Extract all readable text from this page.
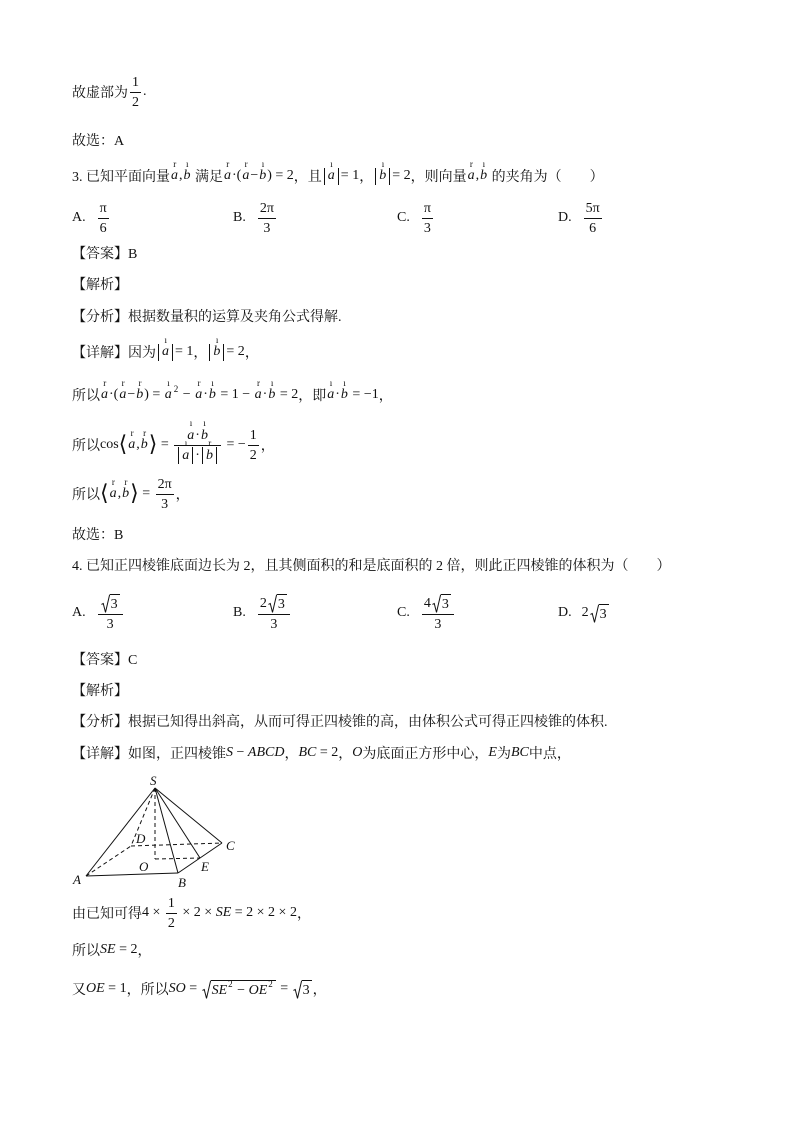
故虚部为 $\frac{1}{2}$ .
故选：A
3. 已知平面向量
r
a ,
ı
b 满足
r
a ·(
r
a −
ı
b ) = 2 ，且
ı
a = 1 ，
ı
b = 2 ，则向量
r
a ,
ı
b 的夹角为（　　）
A. $\frac{\pi}{6}$	B. $\frac{2\pi}{3}$	C. $\frac{\pi}{3}$	D. $\frac{5\pi}{6}$
【答案】B
【解析】
【分析】根据数量积的运算及夹角公式得解.
【详解】因为
ı
a = 1 ，
ı
b = 2 ，
所以
r
a ·(
r
a −
r
b ) =
ı
a 2 −
r
a ·
ı
b = 1 −
r
a ·
ı
b = 2 ，即
ı
a ·
ı
b = −1 ，
所以 cos ⟨ r
a ,
r
b ⟩ = ı
a ·
ı
b
ı
a ·
r
b = − $\frac{1}{2}$ ，
所以 ⟨ r
a ,
r
b ⟩ = $\frac{2\pi}{3}$ ，
故选：B
4. 已知正四棱锥底面边长为 2，且其侧面积的和是底面积的 2 倍，则此正四棱锥的体积为（　　）
A. $\frac{3}{3}$	B. $\frac{2 3}{3}$	C. $\frac{4 3}{3}$	D. 2 3
【答案】C
【解析】
【分析】根据已知得出斜高，从而可得正四棱锥的高，由体积公式可得正四棱锥的体积.
【详解】如图，正四棱锥 S − ABCD ， BC = 2 ， O 为底面正方形中心， E 为 BC 中点，
S
D	C
O	E
A	B
由已知可得 $4 \times \frac{1}{2} \times 2$ × SE = 2 × 2 × 2 ，
所以 SE = 2 ，
又 OE = 1 ，所以 SO = SE 2 − OE 2 = 3 ，
